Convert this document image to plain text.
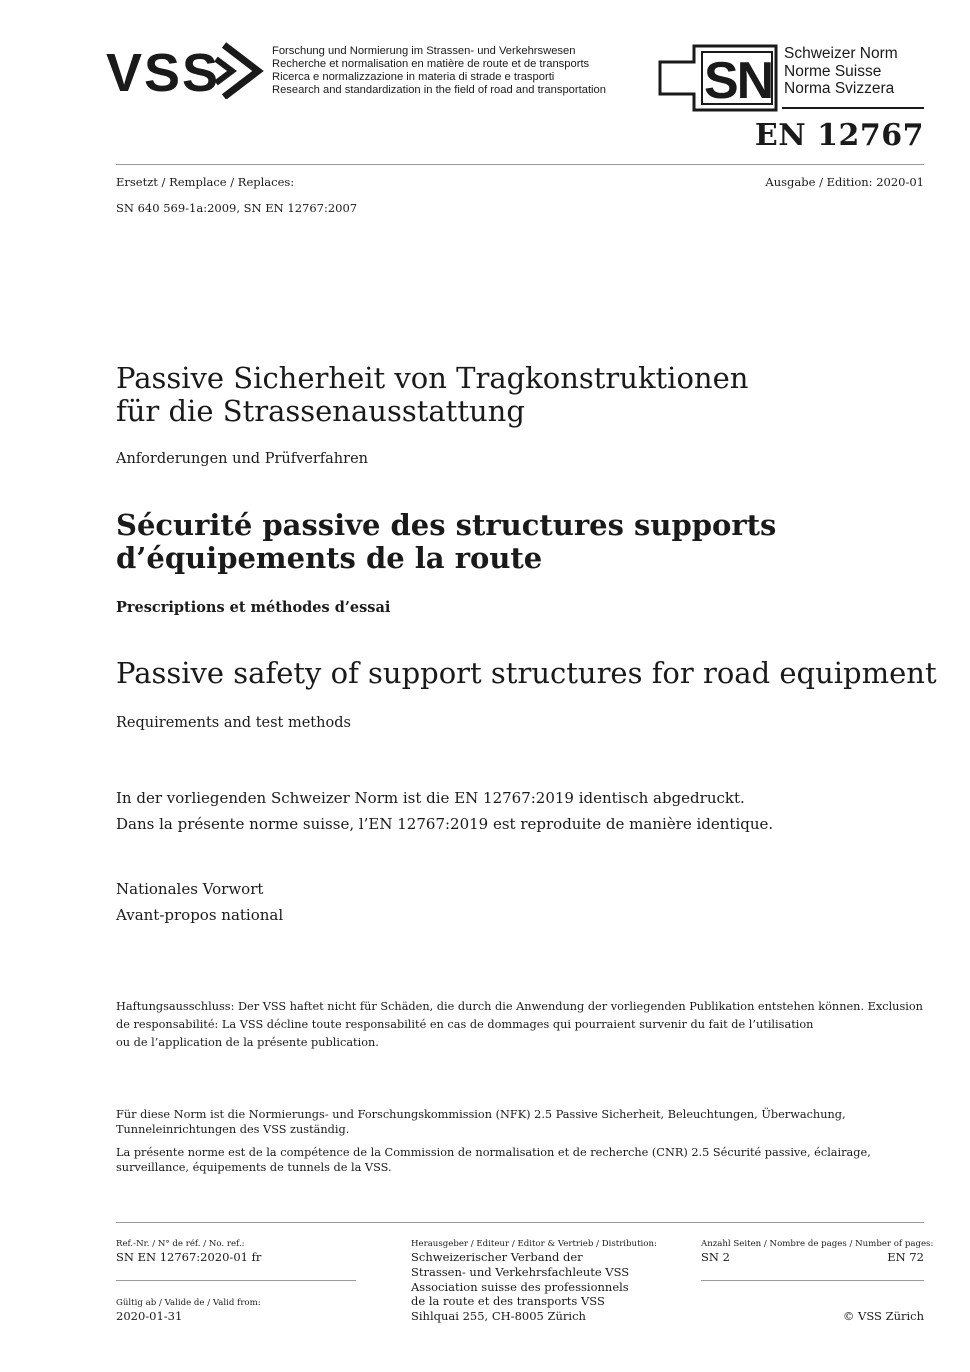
VSS	Forschung und Normierung im Strassen- und Verkehrswesen
Recherche et normalisation en matière de route et de transports
Ricerca e normalizzazione in materia di strade e trasporti
Research and standardization in the field of road and transportation SN Schweizer Norm
Norme Suisse
Norma Svizzera
EN 12767
Ersetzt / Remplace / Replaces:	Ausgabe / Edition: 2020-01
SN 640 569-1a:2009, SN EN 12767:2007
Passive Sicherheit von Tragkonstruktionen
für die Strassenausstattung
Anforderungen und Prüfverfahren
Sécurité passive des structures supports
d’équipements de la route
Prescriptions et méthodes d’essai
Passive safety of support structures for road equipment
Requirements and test methods
In der vorliegenden Schweizer Norm ist die EN 12767:2019 identisch abgedruckt.
Dans la présente norme suisse, l’EN 12767:2019 est reproduite de manière identique.
Nationales Vorwort
Avant-propos national
Haftungsausschluss: Der VSS haftet nicht für Schäden, die durch die Anwendung der vorliegenden Publikation entstehen können. Exclusion
de responsabilité: La VSS décline toute responsabilité en cas de dommages qui pourraient survenir du fait de l’utilisation
ou de l’application de la présente publication.
Für diese Norm ist die Normierungs- und Forschungskommission (NFK) 2.5 Passive Sicherheit, Beleuchtungen, Überwachung,
Tunneleinrichtungen des VSS zuständig.
La présente norme est de la compétence de la Commission de normalisation et de recherche (CNR) 2.5 Sécurité passive, éclairage,
surveillance, équipements de tunnels de la VSS.
Ref.-Nr. / N° de réf. / No. ref.:
SN EN 12767:2020-01 fr
Gültig ab / Valide de / Valid from:
2020-01-31
Herausgeber / Editeur / Editor & Vertrieb / Distribution:
Schweizerischer Verband der
Strassen- und Verkehrsfachleute VSS
Association suisse des professionnels
de la route et des transports VSS
Sihlquai 255, CH-8005 Zürich
Anzahl Seiten / Nombre de pages / Number of pages:
SN 2	EN 72
© VSS Zürich
